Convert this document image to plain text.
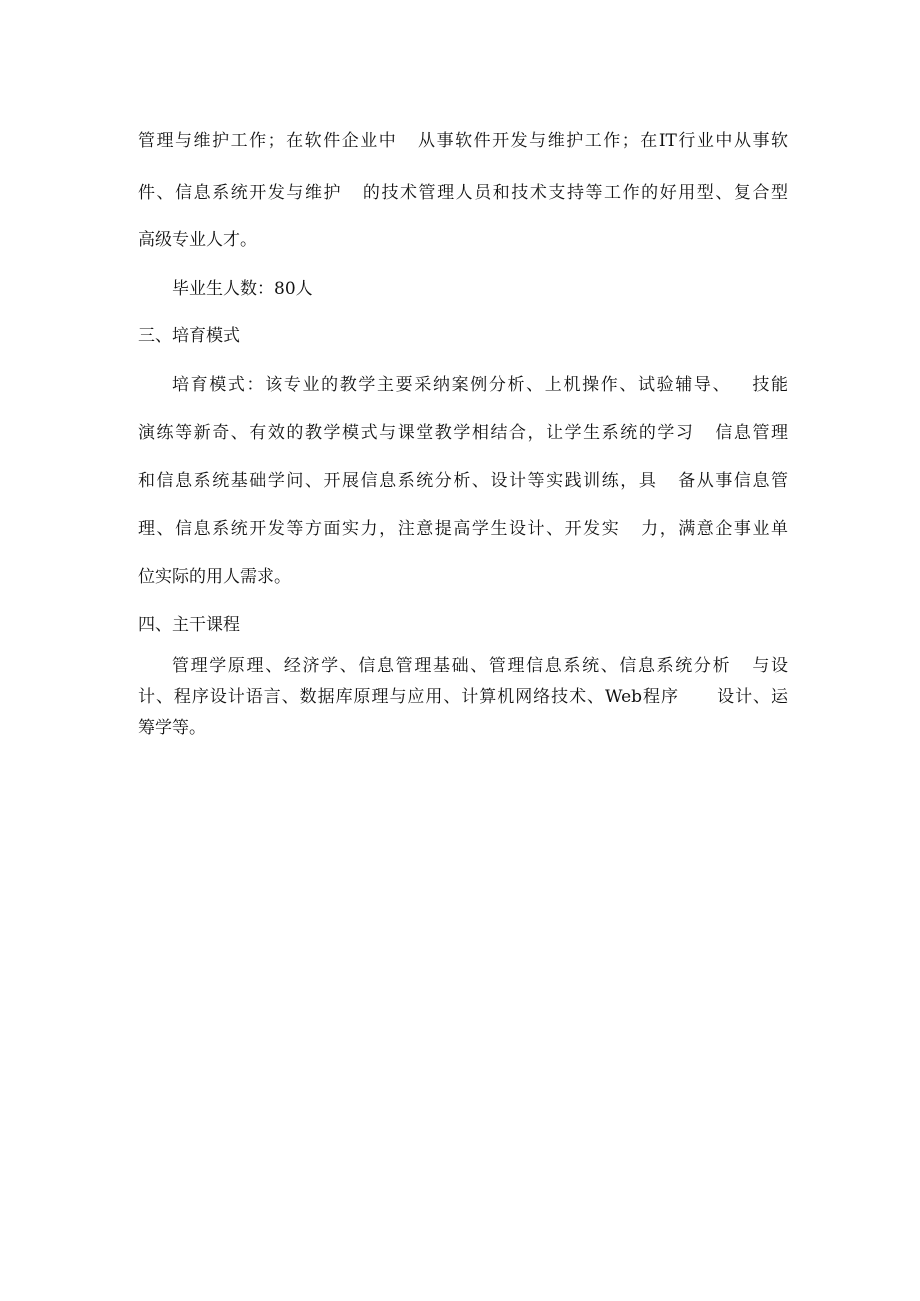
管理与维护工作；在软件企业中   从事软件开发与维护工作；在IT行业中从事软
件、信息系统开发与维护   的技术管理人员和技术支持等工作的好用型、复合型
高级专业人才。
毕业生人数：80人
三、培育模式
培育模式：该专业的教学主要采纳案例分析、上机操作、试验辅导、   技能
演练等新奇、有效的教学模式与课堂教学相结合，让学生系统的学习   信息管理
和信息系统基础学问、开展信息系统分析、设计等实践训练，具   备从事信息管
理、信息系统开发等方面实力，注意提高学生设计、开发实   力，满意企事业单
位实际的用人需求。
四、主干课程
管理学原理、经济学、信息管理基础、管理信息系统、信息系统分析   与设
计、程序设计语言、数据库原理与应用、计算机网络技术、Web程序      设计、运
筹学等。
